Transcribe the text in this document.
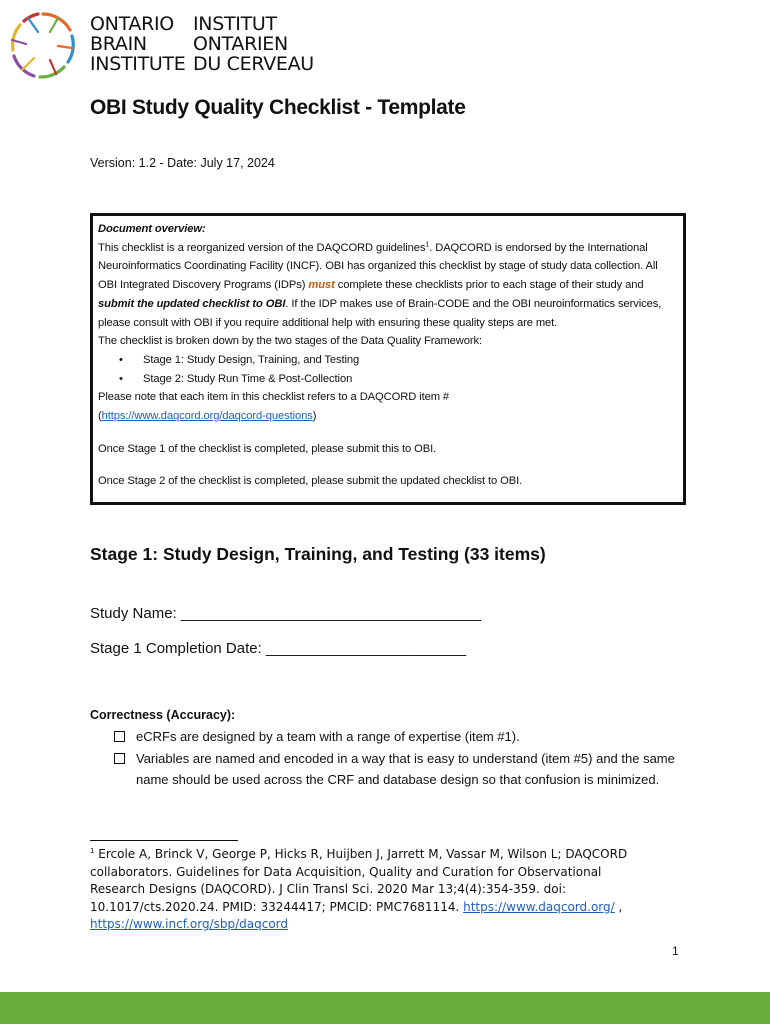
ONTARIO	INSTITUT
BRAIN	ONTARIEN
INSTITUTE DU CERVEAU
OBI Study Quality Checklist - Template
Version: 1.2 - Date: July 17, 2024
Document overview:
This checklist is a reorganized version of the DAQCORD guidelines$^1$. DAQCORD is endorsed by the International Neuroinformatics Coordinating Facility (INCF). OBI has organized this checklist by stage of study data collection. All OBI Integrated Discovery Programs (IDPs) must complete these checklists prior to each stage of their study and submit the updated checklist to OBI. If the IDP makes use of Brain-CODE and the OBI neuroinformatics services, please consult with OBI if you require additional help with ensuring these quality steps are met.
The checklist is broken down by the two stages of the Data Quality Framework:
• Stage 1: Study Design, Training, and Testing
• Stage 2: Study Run Time & Post-Collection
Please note that each item in this checklist refers to a DAQCORD item #
(https://www.daqcord.org/daqcord-questions)
Once Stage 1 of the checklist is completed, please submit this to OBI.
Once Stage 2 of the checklist is completed, please submit the updated checklist to OBI.
Stage 1: Study Design, Training, and Testing (33 items)
Study Name: ____________________________________
Stage 1 Completion Date: ________________________
Correctness (Accuracy):
eCRFs are designed by a team with a range of expertise (item #1).
Variables are named and encoded in a way that is easy to understand (item #5) and the same name should be used across the CRF and database design so that confusion is minimized.
$^1$ Ercole A, Brinck V, George P, Hicks R, Huijben J, Jarrett M, Vassar M, Wilson L; DAQCORD collaborators. Guidelines for Data Acquisition, Quality and Curation for Observational Research Designs (DAQCORD). J Clin Transl Sci. 2020 Mar 13;4(4):354-359. doi: 10.1017/cts.2020.24. PMID: 33244417; PMCID: PMC7681114. https://www.daqcord.org/ , https://www.incf.org/sbp/daqcord
1
